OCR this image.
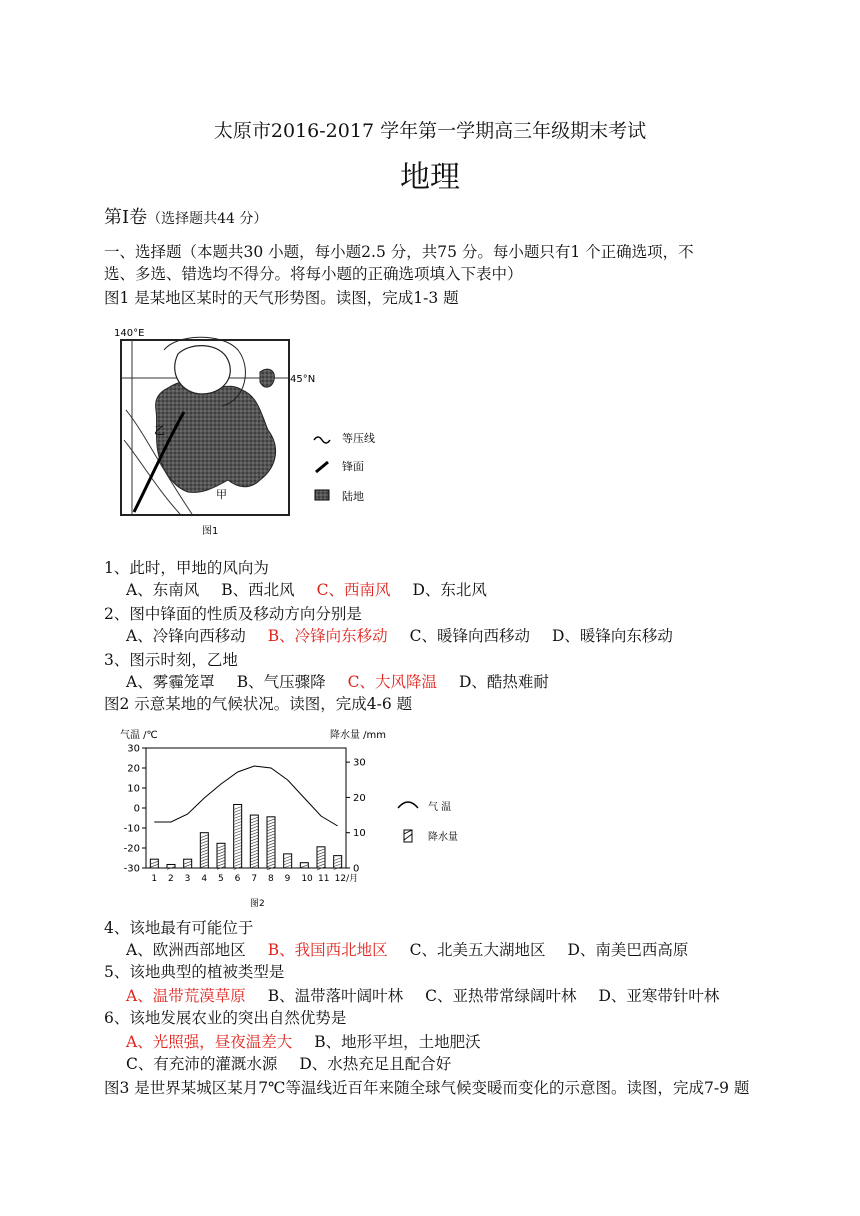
太原市2016-2017 学年第一学期高三年级期末考试
地理
第Ⅰ卷（选择题共44 分）
一、选择题（本题共30 小题，每小题2.5 分，共75 分。每小题只有1 个正确选项，不
选、多选、错选均不得分。将每小题的正确选项填入下表中）
图1 是某地区某时的天气形势图。读图，完成1-3 题
140°E
45°N
甲
乙
等压线
锋面
陆地
图1
1、此时，甲地的风向为
A、东南风 B、西北风 C、西南风 D、东北风
2、图中锋面的性质及移动方向分别是
A、冷锋向西移动 B、冷锋向东移动 C、暖锋向西移动 D、暖锋向东移动
3、图示时刻，乙地
A、雾霾笼罩 B、气压骤降 C、大风降温 D、酷热难耐
图2 示意某地的气候状况。读图，完成4-6 题
气温 /℃	降水量 /mm
30
20
10
0
-10
-20
-30
30
20
10
0
1 2 3 4 5 6 7 8 9 10 11 12/月
气 温
降水量
图2
4、该地最有可能位于
A、欧洲西部地区 B、我国西北地区 C、北美五大湖地区 D、南美巴西高原
5、该地典型的植被类型是
A、温带荒漠草原 B、温带落叶阔叶林 C、亚热带常绿阔叶林 D、亚寒带针叶林
6、该地发展农业的突出自然优势是
A、光照强，昼夜温差大 B、地形平坦，土地肥沃
C、有充沛的灌溉水源 D、水热充足且配合好
图3 是世界某城区某月7℃等温线近百年来随全球气候变暖而变化的示意图。读图，完成7-9 题
